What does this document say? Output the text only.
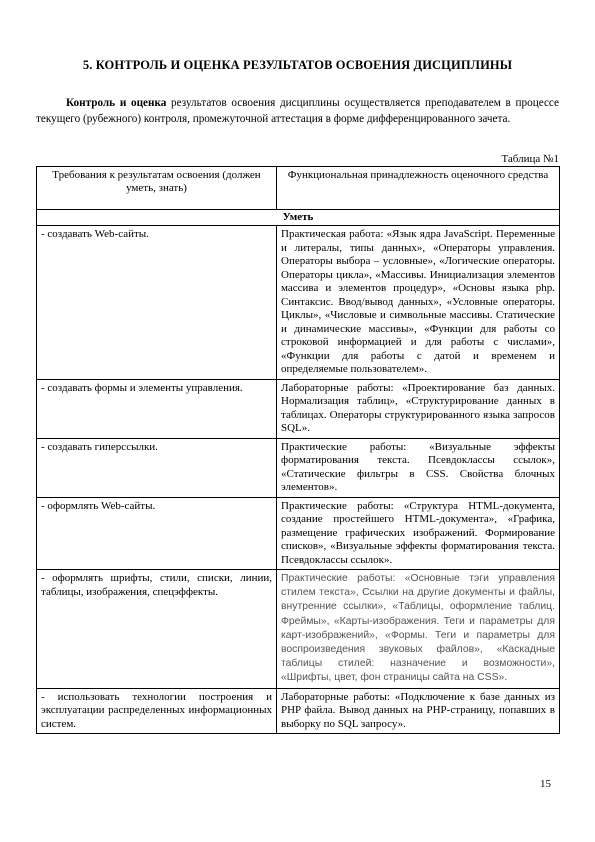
5. КОНТРОЛЬ И ОЦЕНКА РЕЗУЛЬТАТОВ ОСВОЕНИЯ ДИСЦИПЛИНЫ
Контроль и оценка результатов освоения дисциплины осуществляется преподавателем в процессе текущего (рубежного) контроля, промежуточной аттестация в форме дифференцированного зачета.
Таблица №1
Требования к результатам освоения (должен уметь, знать)	Функциональная принадлежность оценочного средства
Уметь	
- создавать Web-сайты.	Практическая работа: «Язык ядра JavaScript. Переменные и литералы, типы данных», «Операторы управления. Операторы выбора – условные», «Логические операторы. Операторы цикла», «Массивы. Инициализация элементов массива и элементов процедур», «Основы языка php. Синтаксис. Ввод/вывод данных», «Условные операторы. Циклы», «Числовые и символьные массивы. Статические и динамические массивы», «Функции для работы со строковой информацией и для работы с числами», «Функции для работы с датой и временем и определяемые пользователем».
- создавать формы и элементы управления.	Лабораторные работы: «Проектирование баз данных. Нормализация таблиц», «Структурирование данных в таблицах. Операторы структурированного языка запросов SQL».
- создавать гиперссылки.	Практические работы: «Визуальные эффекты форматирования текста. Псевдоклассы ссылок», «Статические фильтры в CSS. Свойства блочных элементов».
- оформлять Web-сайты.	Практические работы: «Структура HTML-документа, создание простейшего HTML-документа», «Графика, размещение графических изображений. Формирование списков», «Визуальные эффекты форматирования текста. Псевдоклассы ссылок».
- оформлять шрифты, стили, списки, линии, таблицы, изображения, спецэффекты.	Практические работы: «Основные тэги управления стилем текста», Ссылки на другие документы и файлы, внутренние ссылки», «Таблицы, оформление таблиц. Фреймы», «Карты-изображения. Теги и параметры для карт-изображений», «Формы. Теги и параметры для воспроизведения звуковых файлов», «Каскадные таблицы стилей: назначение и возможности», «Шрифты, цвет, фон страницы сайта на CSS».
- использовать технологии построения и эксплуатации распределенных информационных систем.	Лабораторные работы: «Подключение к базе данных из PHP файла. Вывод данных на PHP-страницу, попавших в выборку по SQL запросу».
15
